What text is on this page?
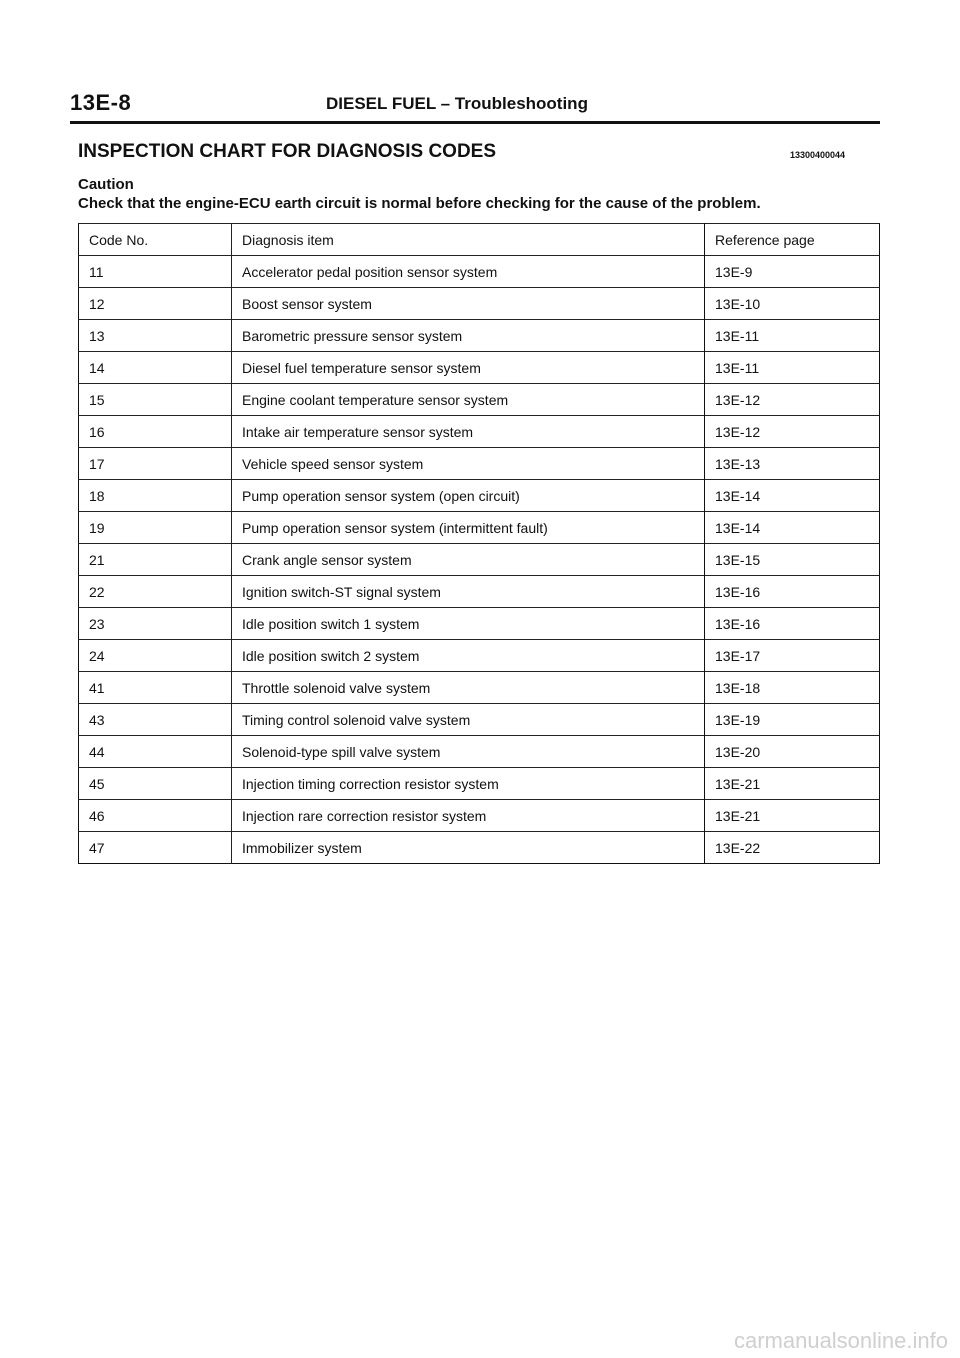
13E-8	DIESEL FUEL – Troubleshooting
INSPECTION CHART FOR DIAGNOSIS CODES	13300400044
Caution
Check that the engine-ECU earth circuit is normal before checking for the cause of the problem.
Code No.	Diagnosis item	Reference page
11	Accelerator pedal position sensor system	13E-9
12	Boost sensor system	13E-10
13	Barometric pressure sensor system	13E-11
14	Diesel fuel temperature sensor system	13E-11
15	Engine coolant temperature sensor system	13E-12
16	Intake air temperature sensor system	13E-12
17	Vehicle speed sensor system	13E-13
18	Pump operation sensor system (open circuit)	13E-14
19	Pump operation sensor system (intermittent fault)	13E-14
21	Crank angle sensor system	13E-15
22	Ignition switch-ST signal system	13E-16
23	Idle position switch 1 system	13E-16
24	Idle position switch 2 system	13E-17
41	Throttle solenoid valve system	13E-18
43	Timing control solenoid valve system	13E-19
44	Solenoid-type spill valve system	13E-20
45	Injection timing correction resistor system	13E-21
46	Injection rare correction resistor system	13E-21
47	Immobilizer system	13E-22
carmanualsonline.info
